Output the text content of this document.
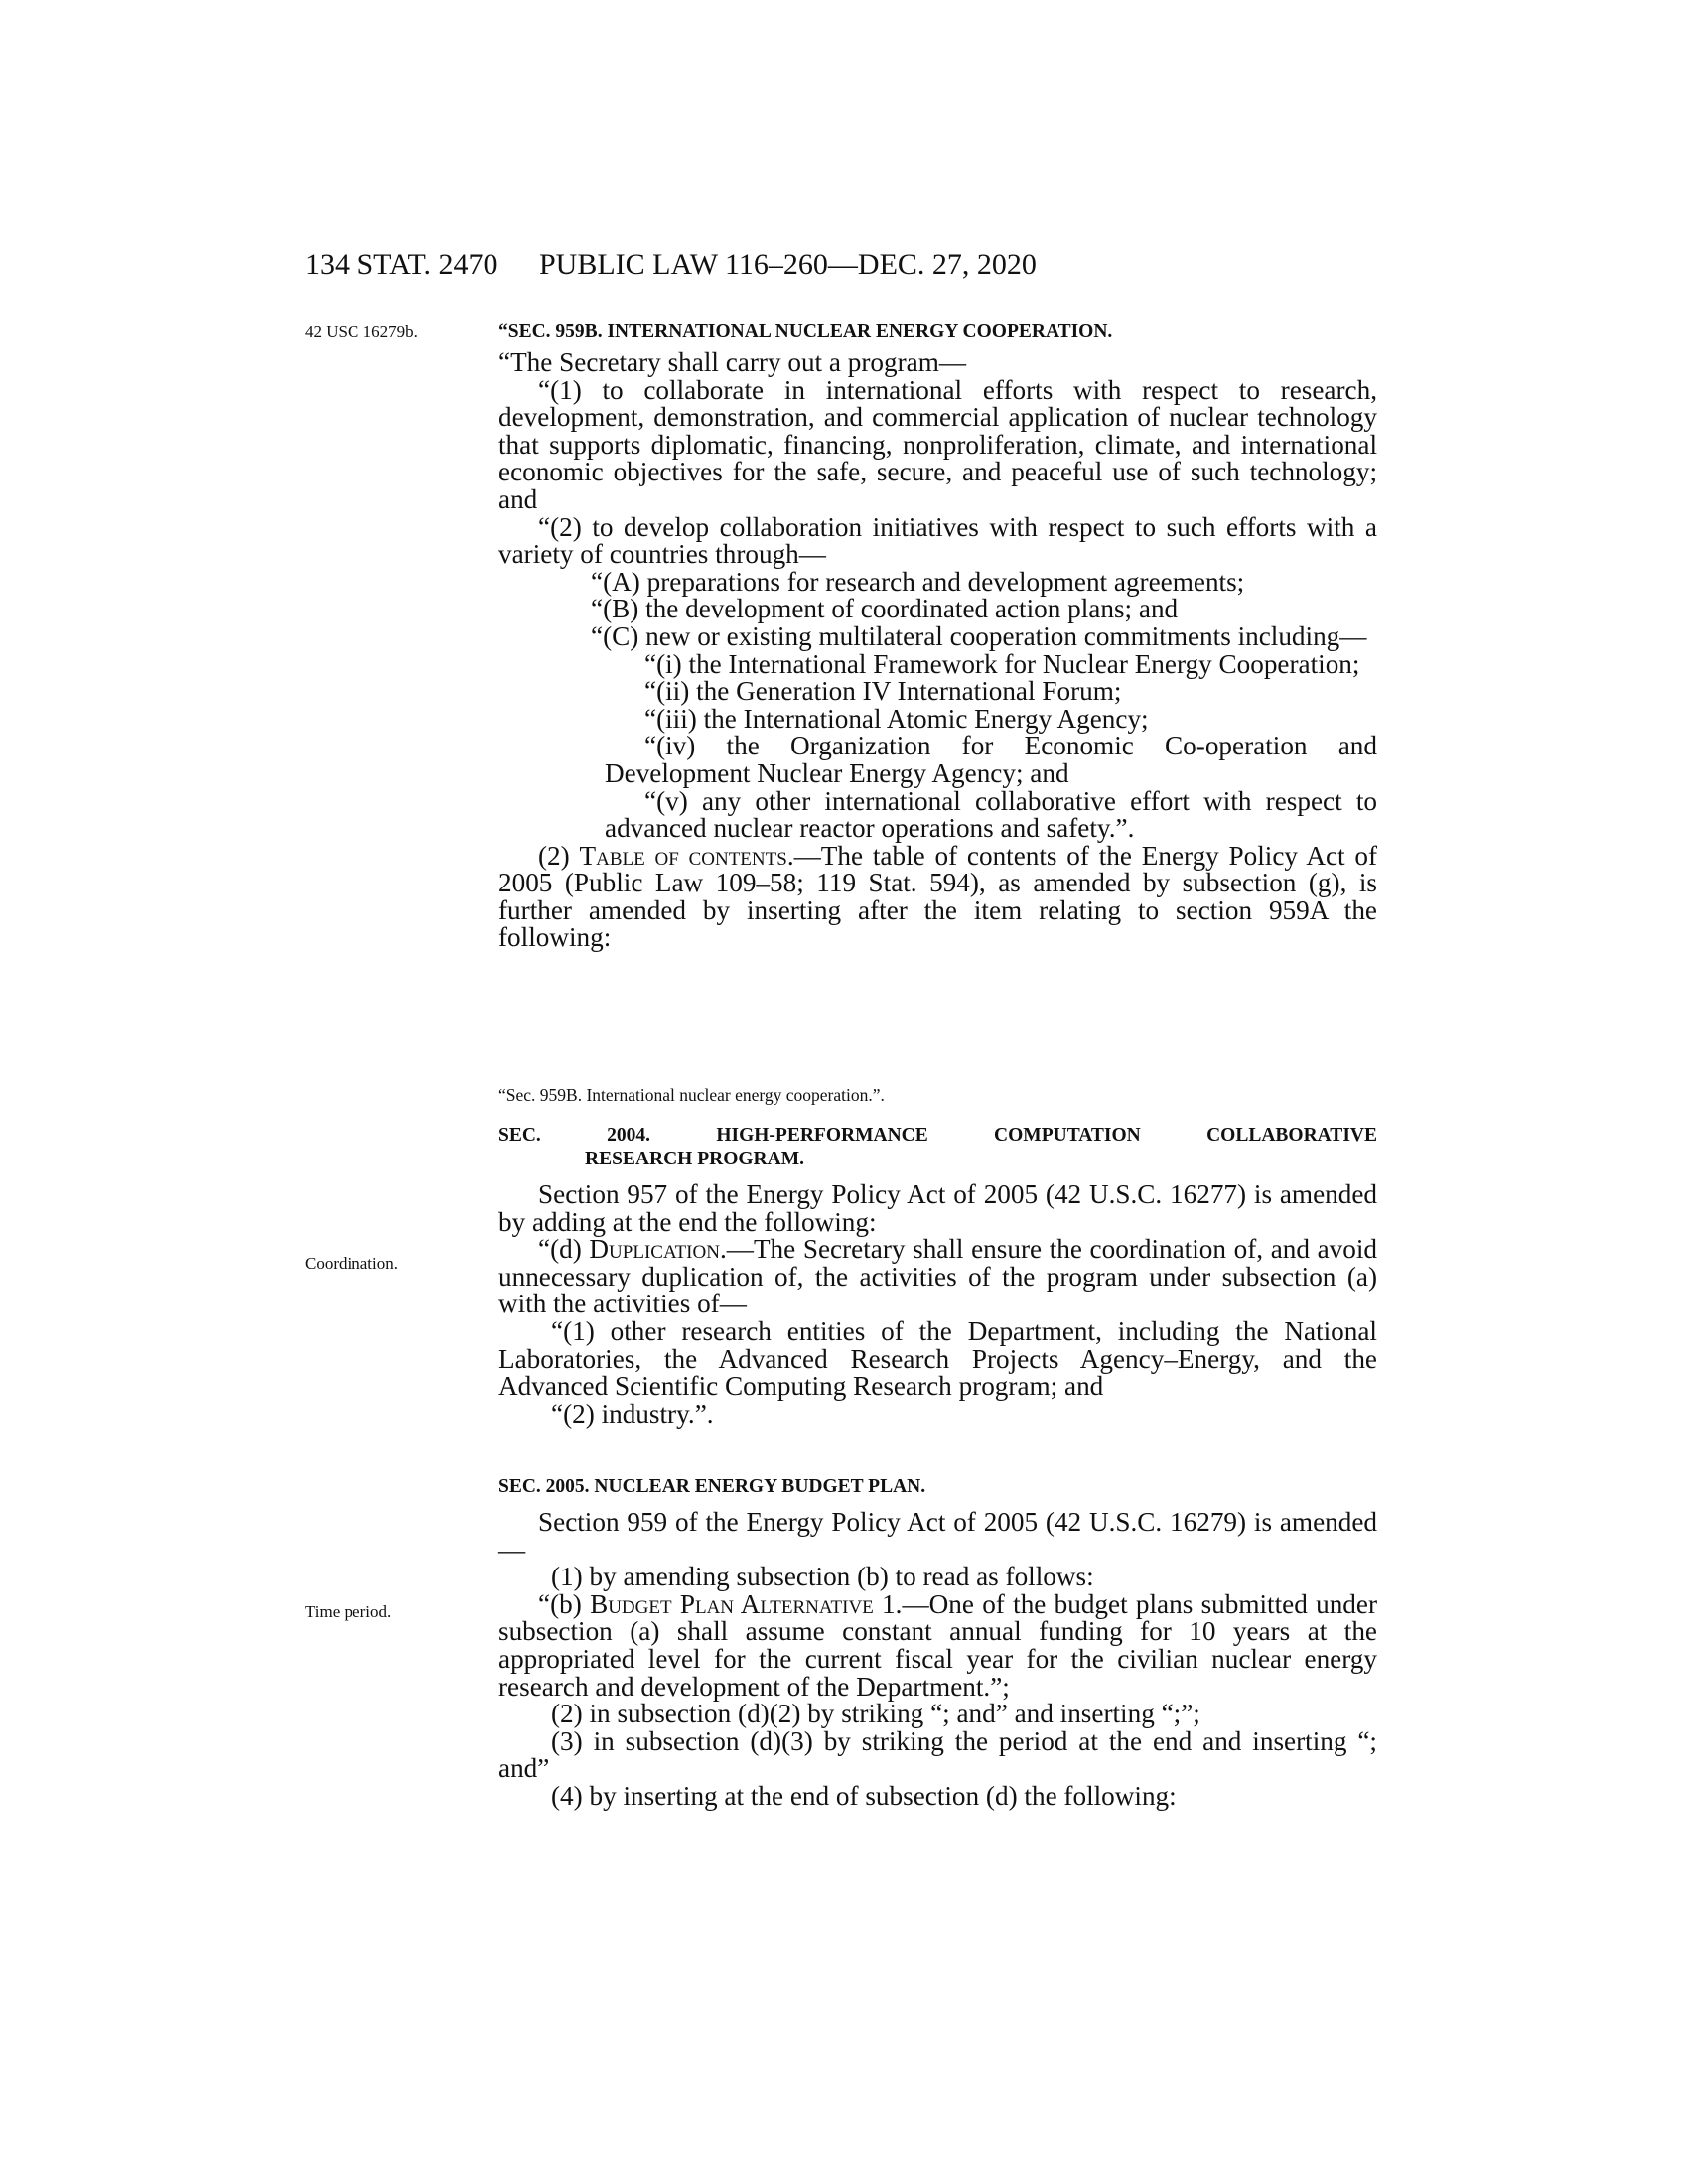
134 STAT. 2470 PUBLIC LAW 116–260—DEC. 27, 2020
42 USC 16279b.
Coordination.
Time period.
“SEC. 959B. INTERNATIONAL NUCLEAR ENERGY COOPERATION.

“The Secretary shall carry out a program—

“(1) to collaborate in international efforts with respect to research, development, demonstration, and commercial application of nuclear technology that supports diplomatic, financing, nonproliferation, climate, and international economic objectives for the safe, secure, and peaceful use of such technology; and

“(2) to develop collaboration initiatives with respect to such efforts with a variety of countries through—

“(A) preparations for research and development agreements;

“(B) the development of coordinated action plans; and

“(C) new or existing multilateral cooperation commitments including—

“(i) the International Framework for Nuclear Energy Cooperation;

“(ii) the Generation IV International Forum;

“(iii) the International Atomic Energy Agency;

“(iv) the Organization for Economic Co-operation and Development Nuclear Energy Agency; and

“(v) any other international collaborative effort with respect to advanced nuclear reactor operations and safety.”.

(2) Table of contents.—The table of contents of the Energy Policy Act of 2005 (Public Law 109–58; 119 Stat. 594), as amended by subsection (g), is further amended by inserting after the item relating to section 959A the following:

“Sec. 959B. International nuclear energy cooperation.”.
SEC. 2004. HIGH-PERFORMANCE COMPUTATION COLLABORATIVE
RESEARCH PROGRAM.

Section 957 of the Energy Policy Act of 2005 (42 U.S.C. 16277) is amended by adding at the end the following:

“(d) Duplication.—The Secretary shall ensure the coordination of, and avoid unnecessary duplication of, the activities of the program under subsection (a) with the activities of—

“(1) other research entities of the Department, including the National Laboratories, the Advanced Research Projects Agency–Energy, and the Advanced Scientific Computing Research program; and

“(2) industry.”.

SEC. 2005. NUCLEAR ENERGY BUDGET PLAN.

Section 959 of the Energy Policy Act of 2005 (42 U.S.C. 16279) is amended—

(1) by amending subsection (b) to read as follows:

“(b) Budget Plan Alternative 1.—One of the budget plans submitted under subsection (a) shall assume constant annual funding for 10 years at the appropriated level for the current fiscal year for the civilian nuclear energy research and development of the Department.”;

(2) in subsection (d)(2) by striking “; and” and inserting “;”;

(3) in subsection (d)(3) by striking the period at the end and inserting “; and”

(4) by inserting at the end of subsection (d) the following:
